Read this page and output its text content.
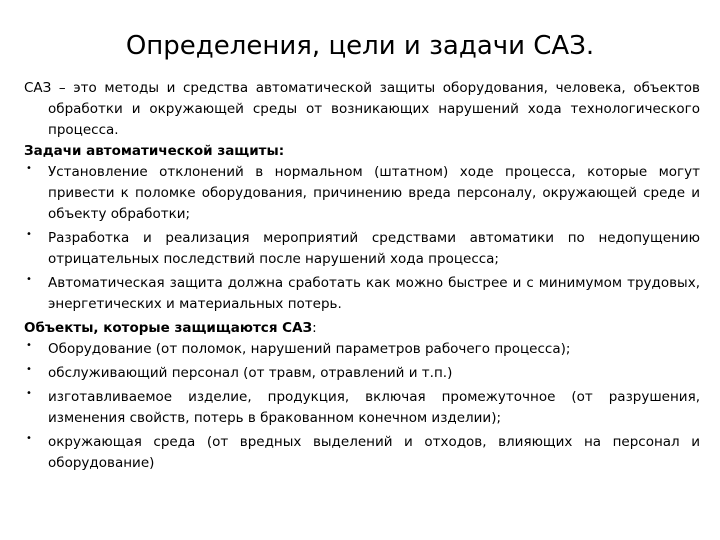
Определения, цели и задачи САЗ.

САЗ – это методы и средства автоматической защиты оборудования, человека, объектов обработки и окружающей среды от возникающих нарушений хода технологического процесса.

Задачи автоматической защиты:

• Установление отклонений в нормальном (штатном) ходе процесса, которые могут привести к поломке оборудования, причинению вреда персоналу, окружающей среде и объекту обработки;
• Разработка и реализация мероприятий средствами автоматики по недопущению отрицательных последствий после нарушений хода процесса;
• Автоматическая защита должна сработать как можно быстрее и с минимумом трудовых, энергетических и материальных потерь.

Объекты, которые защищаются САЗ:

• Оборудование (от поломок, нарушений параметров рабочего процесса);
• обслуживающий персонал (от травм, отравлений и т.п.)
• изготавливаемое изделие, продукция, включая промежуточное (от разрушения, изменения свойств, потерь в бракованном конечном изделии);
• окружающая среда (от вредных выделений и отходов, влияющих на персонал и оборудование)
